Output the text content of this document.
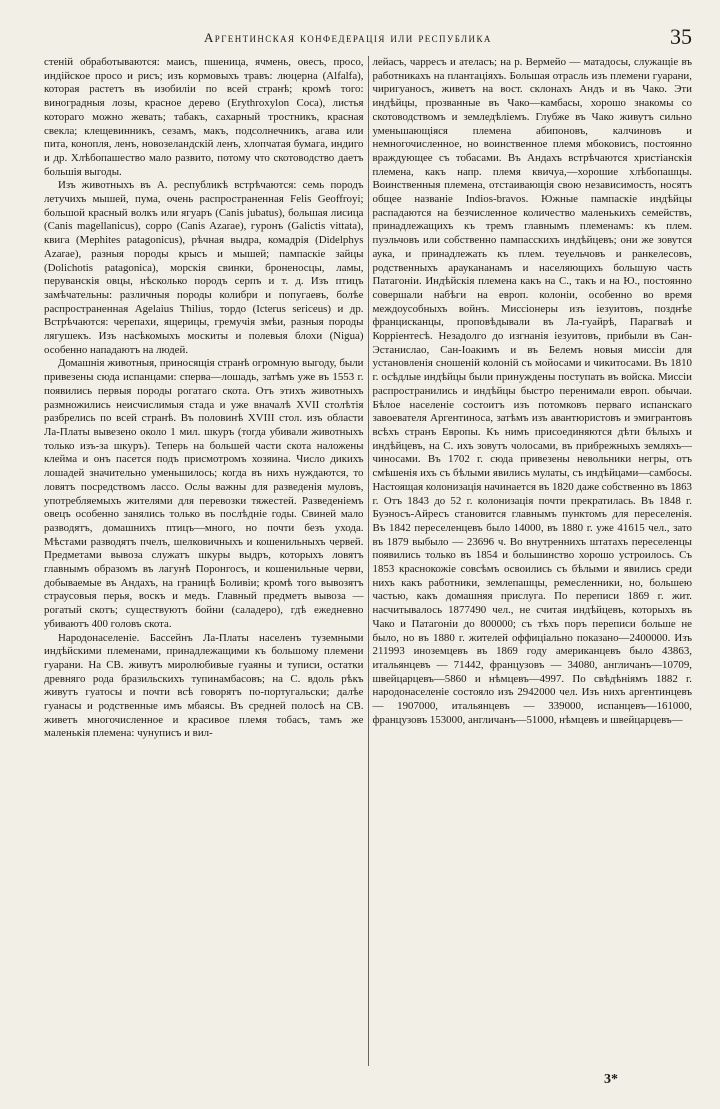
Аргентинская конфедерація или республика	35

стеній обработываются: маисъ, пшеница, ячмень, овесъ, просо, индійское просо и рисъ; изъ кормовыхъ травъ: люцерна (Alfalfa), которая растетъ въ изобиліи по всей странѣ; кромѣ того: виноградныя лозы, красное дерево (Erythroxylon Coca), листья котораго можно жевать; табакъ, сахарный тростникъ, красная свекла; клещевинникъ, сезамъ, макъ, подсолнечникъ, агава или пита, конопля, ленъ, новозеландскій ленъ, хлопчатая бумага, индиго и др. Хлѣбопашество мало развито, потому что скотоводство даетъ большія выгоды.

Изъ животныхъ въ А. республикѣ встрѣчаются: семь породъ летучихъ мышей, пума, очень распространенная Felis Geoffroyi; большой красный волкъ или ягуаръ (Canis jubatus), большая лисица (Canis magellanicus), сорро (Canis Azarae), гуронъ (Galictis vittata), квига (Mephites patagonicus), рѣчная выдра, комадрія (Didelphys Azarae), разныя породы крысъ и мышей; пампаскіе зайцы (Dolichotis patagonica), морскія свинки, броненосцы, ламы, перуванскія овцы, нѣсколько породъ серпъ и т. д. Изъ птицъ замѣчательны: различныя породы колибри и попугаевъ, болѣе распространенная Agelaius Thilius, тордо (Icterus sericeus) и др. Встрѣчаются: черепахи, ящерицы, гремучія змѣи, разныя породы лягушекъ. Изъ насѣкомыхъ москиты и полевыя блохи (Nigua) особенно нападаютъ на людей.

Домашнія животныя, приносящія странѣ огромную выгоду, были привезены сюда испанцами: сперва—лошадь, затѣмъ уже въ 1553 г. появились первыя породы рогатаго скота. Отъ этихъ животныхъ размножились неисчислимыя стада и уже вначалѣ XVII столѣтія разбрелись по всей странѣ. Въ половинѣ XVIII стол. изъ области Ла-Платы вывезено около 1 мил. шкуръ (тогда убивали животныхъ только изъ-за шкуръ). Теперь на большей части скота наложены клейма и онъ пасется подъ присмотромъ хозяина. Число дикихъ лошадей значительно уменьшилось; когда въ нихъ нуждаются, то ловятъ посредствомъ лассо. Ослы важны для разведенія муловъ, употребляемыхъ жителями для перевозки тяжестей. Разведеніемъ овецъ особенно занялись только въ послѣдніе годы. Свиней мало разводятъ, домашнихъ птицъ—много, но почти безъ ухода. Мѣстами разводятъ пчелъ, шелковичныхъ и кошенильныхъ червей. Предметами вывоза служатъ шкуры выдръ, которыхъ ловятъ главнымъ образомъ въ лагунѣ Поронгосъ, и кошенильные черви, добываемые въ Андахъ, на границѣ Боливіи; кромѣ того вывозятъ страусовыя перья, воскъ и медъ. Главный предметъ вывоза — рогатый скотъ; существуютъ бойни (саладеро), гдѣ ежедневно убиваютъ 400 головъ скота.

Народонаселеніе. Бассейнъ Ла-Платы населенъ туземными индѣйскими племенами, принадлежащими къ большому племени гуарани. На СВ. живутъ миролюбивые гуаяны и туписи, остатки древняго рода бразильскихъ тупинамбасовъ; на С. вдоль рѣкъ живутъ гуатосы и почти всѣ говорятъ по-португальски; далѣе гуанасы и родственные имъ мбаясы. Въ средней полосѣ на СВ. живетъ многочисленное и красивое племя тобасъ, тамъ же маленькія племена: чунуписъ и вил-

лейасъ, чарресъ и ателасъ; на р. Вермейо — матадосы, служащіе въ работникахъ на плантаціяхъ. Большая отрасль изъ племени гуарани, чиригуаносъ, живетъ на вост. склонахъ Андъ и въ Чако. Эти индѣйцы, прозванные въ Чако—камбасы, хорошо знакомы со скотоводствомъ и земледѣліемъ. Глубже въ Чако живутъ сильно уменьшающіяся племена абипоновъ, калчиновъ и немногочисленное, но воинственное племя мбоковисъ, постоянно враждующее съ тобасами. Въ Андахъ встрѣчаются христіанскія племена, какъ напр. племя квичуа,—хорошие хлѣбопашцы. Воинственныя племена, отстаивающія свою независимость, носятъ общее названіе Indios-bravos. Южные пампаскіе индѣйцы распадаются на безчисленное количество маленькихъ семействъ, принадлежащихъ къ тремъ главнымъ племенамъ: къ плем. пуэльчовъ или собственно пампасскихъ индѣйцевъ; они же зовутся аука, и принадлежать къ плем. теуельчовъ и ранкелесовъ, родственныхъ араукананамъ и населяющихъ большую часть Патагоніи. Индѣйскія племена какъ на С., такъ и на Ю., постоянно совершали набѣги на европ. колоніи, особенно во время междоусобныхъ войнъ. Миссіонеры изъ іезуитовъ, позднѣе францисканцы, проповѣдывали въ Ла-гуайрѣ, Парагваѣ и Корріентесѣ. Незадолго до изгнанія іезуитовъ, прибыли въ Сан-Эстанислао, Сан-Іоакимъ и въ Белемъ новыя миссіи для установленія сношеній колоній съ мойосами и чикитосами. Въ 1810 г. осѣдлые индѣйцы были принуждены поступать въ войска. Миссіи распространились и индѣйцы быстро перенимали европ. обычаи. Бѣлое населеніе состоитъ изъ потомковъ перваго испанскаго завоевателя Аргентиноса, затѣмъ изъ авантюристовъ и эмигрантовъ всѣхъ странъ Европы. Къ нимъ присоединяются дѣти бѣлыхъ и индѣйцевъ, на С. ихъ зовутъ чолосами, въ прибрежныхъ земляхъ—чиносами. Въ 1702 г. сюда привезены невольники негры, отъ смѣшенія ихъ съ бѣлыми явились мулаты, съ индѣйцами—самбосы. Настоящая колонизація начинается въ 1820 даже собственно въ 1863 г. Отъ 1843 до 52 г. колонизація почти прекратилась. Въ 1848 г. Буэносъ-Айресъ становится главнымъ пунктомъ для переселенія. Въ 1842 переселенцевъ было 14000, въ 1880 г. уже 41615 чел., зато въ 1879 выбыло — 23696 ч. Во внутреннихъ штатахъ переселенцы появились только въ 1854 и большинство хорошо устроилось. Съ 1853 краснокожіе совсѣмъ освоились съ бѣлыми и явились среди нихъ какъ работники, землепашцы, ремесленники, но, большею частью, какъ домашняя прислуга. По переписи 1869 г. жит. насчитывалось 1877490 чел., не считая индѣйцевъ, которыхъ въ Чако и Патагоніи до 800000; съ тѣхъ поръ переписи больше не было, но въ 1880 г. жителей оффиціально показано—2400000. Изъ 211993 иноземцевъ въ 1869 году американцевъ было 43863, итальянцевъ — 71442, французовъ — 34080, англичанъ—10709, швейцарцевъ—5860 и нѣмцевъ—4997. По свѣдѣніямъ 1882 г. народонаселеніе состояло изъ 2942000 чел. Изъ нихъ аргентинцевъ — 1907000, итальянцевъ — 339000, испанцевъ—161000, французовъ 153000, англичанъ—51000, нѣмцевъ и швейцарцевъ—

3*
